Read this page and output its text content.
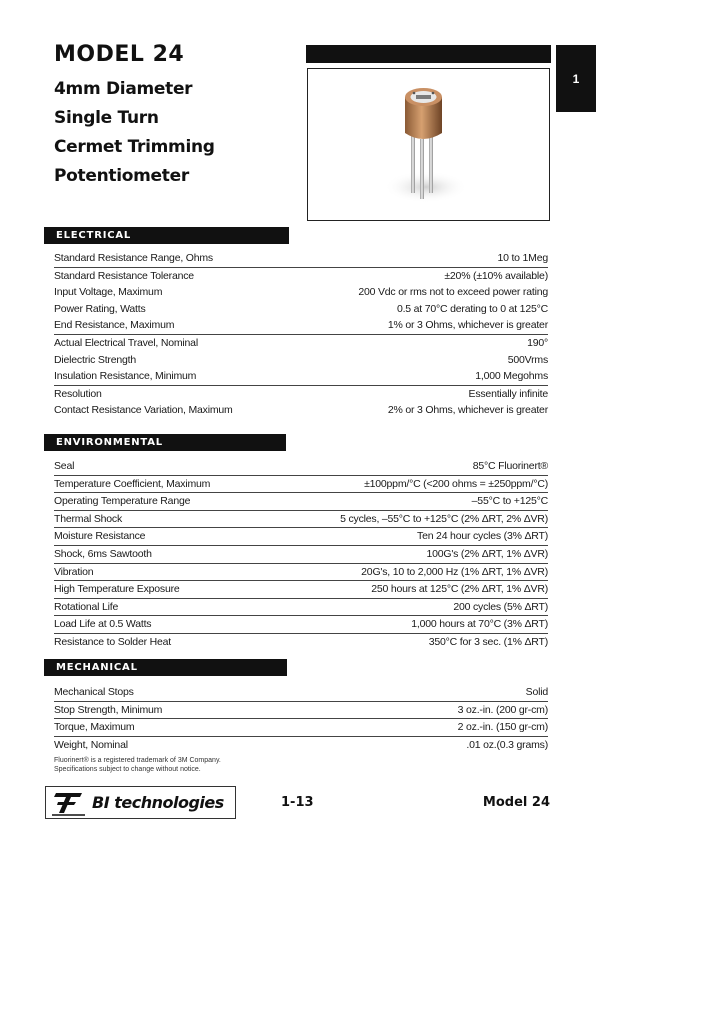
MODEL 24
4mm Diameter
Single Turn
Cermet Trimming
Potentiometer
1
ELECTRICAL
Standard Resistance Range, Ohms	10 to 1Meg
Standard Resistance Tolerance	±20% (±10% available)
Input Voltage, Maximum	200 Vdc or rms not to exceed power rating
Power Rating, Watts	0.5 at 70°C derating to 0 at 125°C
End Resistance, Maximum	1% or 3 Ohms, whichever is greater
Actual Electrical Travel, Nominal	190°
Dielectric Strength	500Vrms
Insulation Resistance, Minimum	1,000 Megohms
Resolution	Essentially infinite
Contact Resistance Variation, Maximum	2% or 3 Ohms, whichever is greater
ENVIRONMENTAL
Seal	85°C Fluorinert®
Temperature Coefficient, Maximum	±100ppm/°C (<200 ohms = ±250ppm/°C)
Operating Temperature Range	–55°C to +125°C
Thermal Shock	5 cycles, –55°C to +125°C (2% ΔRT, 2% ΔVR)
Moisture Resistance	Ten 24 hour cycles (3% ΔRT)
Shock, 6ms Sawtooth	100G's (2% ΔRT, 1% ΔVR)
Vibration	20G's, 10 to 2,000 Hz (1% ΔRT, 1% ΔVR)
High Temperature Exposure	250 hours at 125°C (2% ΔRT, 1% ΔVR)
Rotational Life	200 cycles (5% ΔRT)
Load Life at 0.5 Watts	1,000 hours at 70°C (3% ΔRT)
Resistance to Solder Heat	350°C for 3 sec. (1% ΔRT)
MECHANICAL
Mechanical Stops	Solid
Stop Strength, Minimum	3 oz.-in. (200 gr-cm)
Torque, Maximum	2 oz.-in. (150 gr-cm)
Weight, Nominal	.01 oz.(0.3 grams)
Fluorinert® is a registered trademark of 3M Company.
Specifications subject to change without notice.
BI technologies	1-13	Model 24
